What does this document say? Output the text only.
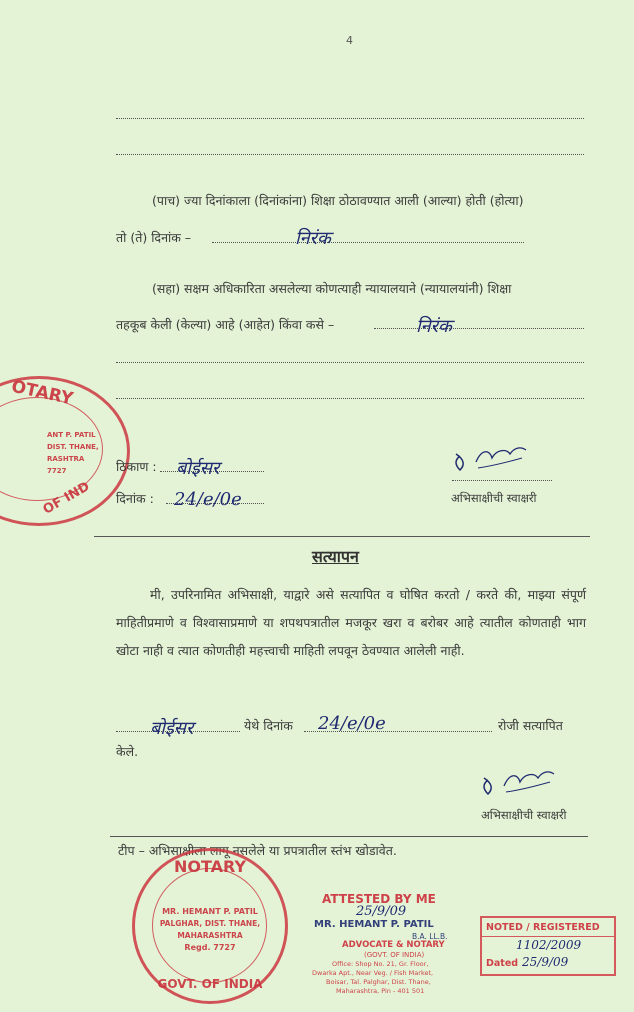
4
(पाच) ज्या दिनांकाला (दिनांकांना) शिक्षा ठोठावण्यात आली (आल्या) होती (होत्या)
तो (ते) दिनांक –	निरंक
(सहा) सक्षम अधिकारिता असलेल्या कोणत्याही न्यायालयाने (न्यायालयांनी) शिक्षा
तहकूब केली (केल्या) आहे (आहेत) किंवा कसे –	निरंक
OTARY
ANT P. PATIL
DIST. THANE,
RASHTRA
7727
OF IND
ठिकाण : बोईसर
दिनांक : 24/e/0e	अभिसाक्षीची स्वाक्षरी
सत्यापन
मी, उपरिनामित अभिसाक्षी, याद्वारे असे सत्यापित व घोषित करतो / करते की, माझ्या संपूर्ण माहितीप्रमाणे व विश्वासाप्रमाणे या शपथपत्रातील मजकूर खरा व बरोबर आहे त्यातील कोणताही भाग खोटा नाही व त्यात कोणतीही महत्त्वाची माहिती लपवून ठेवण्यात आलेली नाही.
बोईसर	येथे दिनांक 24/e/0e	रोजी सत्यापित
केले.
अभिसाक्षीची स्वाक्षरी
टीप – अभिसाक्षीला लागू नसलेले या प्रपत्रातील स्तंभ खोडावेत.
NOTARY
MR. HEMANT P. PATIL
PALGHAR, DIST. THANE,
MAHARASHTRA
Regd. 7727
GOVT. OF INDIA
ATTESTED BY ME
25/9/09
MR. HEMANT P. PATIL
B.A. LL.B.
ADVOCATE & NOTARY
(GOVT. OF INDIA)
Office: Shop No. 21, Gr. Floor,
Dwarka Apt., Near Veg. / Fish Market,
Boisar, Tal. Palghar, Dist. Thane,
Maharashtra, Pin - 401 501
NOTED / REGISTERED
1102/2009
Dated 25/9/09
